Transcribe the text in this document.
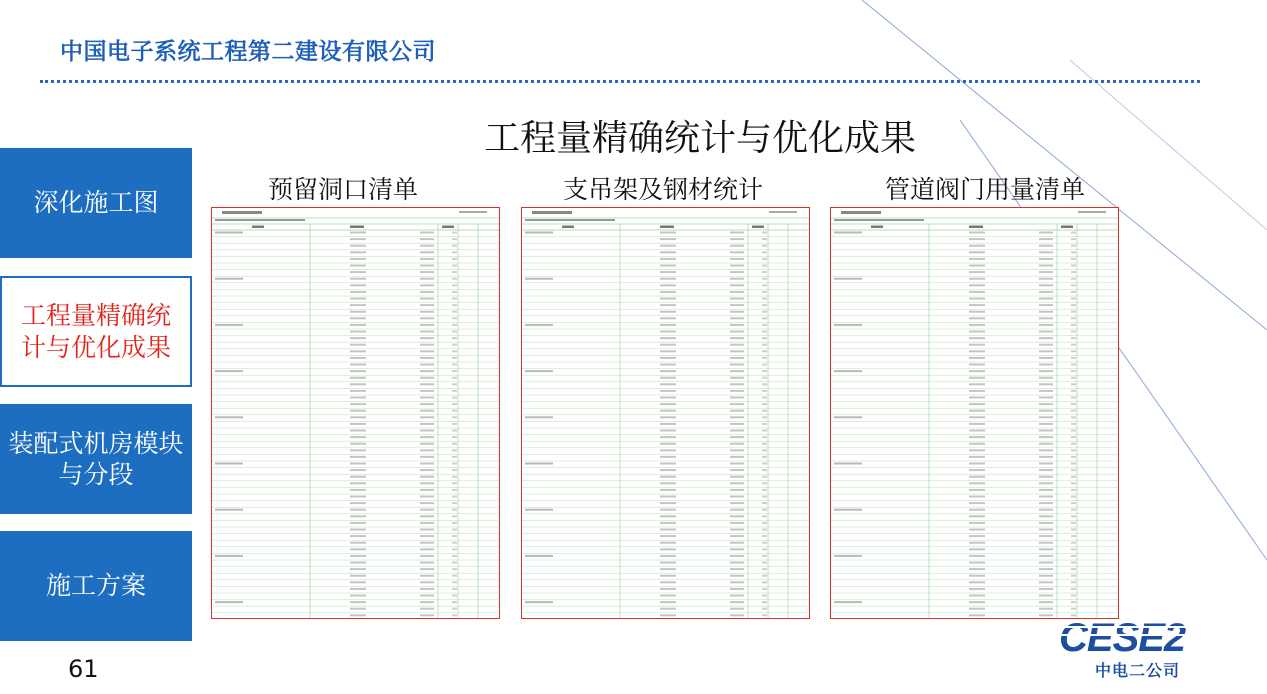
中国电子系统工程第二建设有限公司
工程量精确统计与优化成果
深化施工图
工程量精确统计与优化成果
装配式机房模块与分段
施工方案
预留洞口清单	支吊架及钢材统计	管道阀门用量清单
61
CESE2
中电二公司
